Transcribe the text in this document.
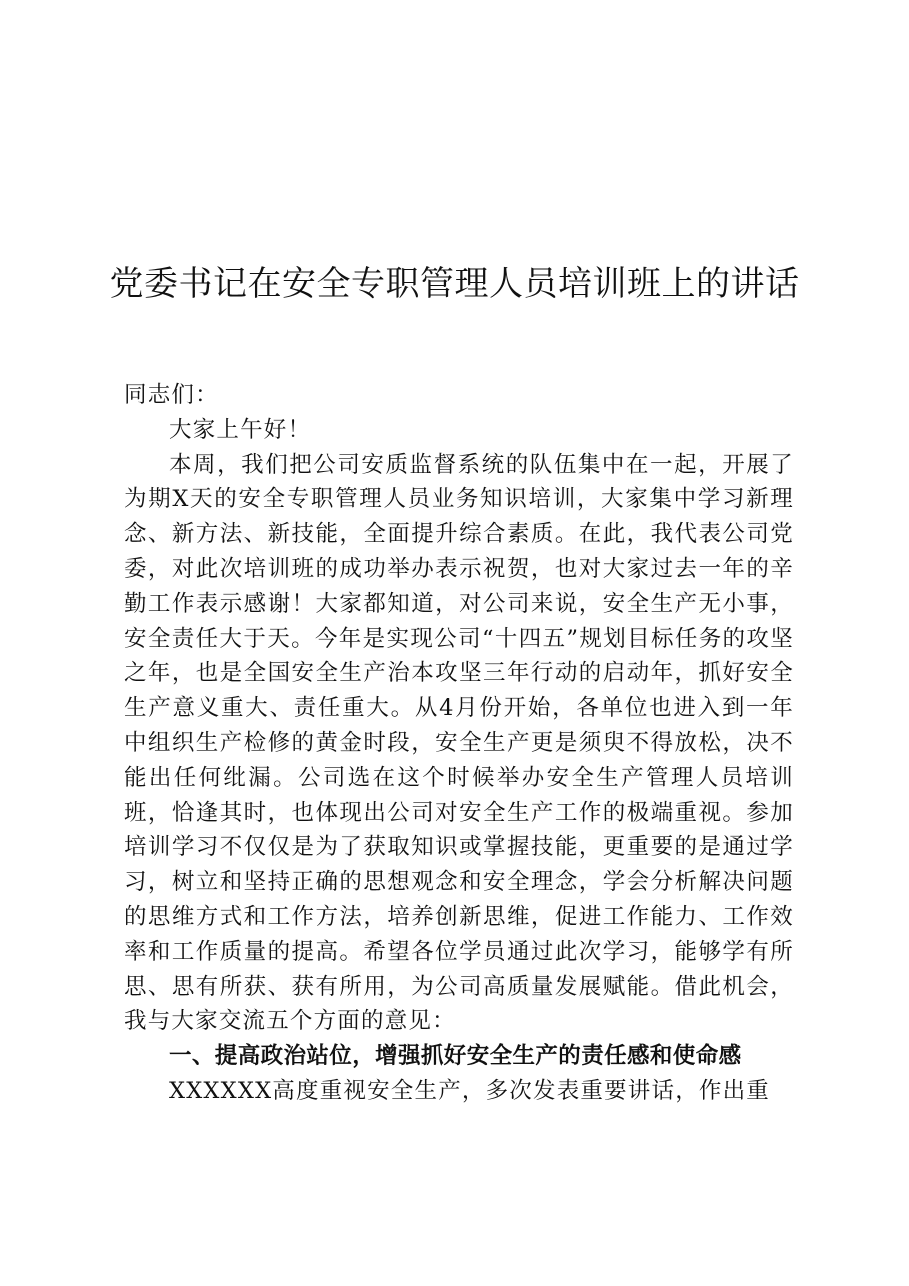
党委书记在安全专职管理人员培训班上的讲话

同志们：

大家上午好！

本周，我们把公司安质监督系统的队伍集中在一起，开展了为期X天的安全专职管理人员业务知识培训，大家集中学习新理念、新方法、新技能，全面提升综合素质。在此，我代表公司党委，对此次培训班的成功举办表示祝贺，也对大家过去一年的辛勤工作表示感谢！大家都知道，对公司来说，安全生产无小事，安全责任大于天。今年是实现公司“十四五”规划目标任务的攻坚之年，也是全国安全生产治本攻坚三年行动的启动年，抓好安全生产意义重大、责任重大。从4月份开始，各单位也进入到一年中组织生产检修的黄金时段，安全生产更是须臾不得放松，决不能出任何纰漏。公司选在这个时候举办安全生产管理人员培训班，恰逢其时，也体现出公司对安全生产工作的极端重视。参加培训学习不仅仅是为了获取知识或掌握技能，更重要的是通过学习，树立和坚持正确的思想观念和安全理念，学会分析解决问题的思维方式和工作方法，培养创新思维，促进工作能力、工作效率和工作质量的提高。希望各位学员通过此次学习，能够学有所思、思有所获、获有所用，为公司高质量发展赋能。借此机会，我与大家交流五个方面的意见：

一、提高政治站位，增强抓好安全生产的责任感和使命感

XXXXXX高度重视安全生产，多次发表重要讲话，作出重
